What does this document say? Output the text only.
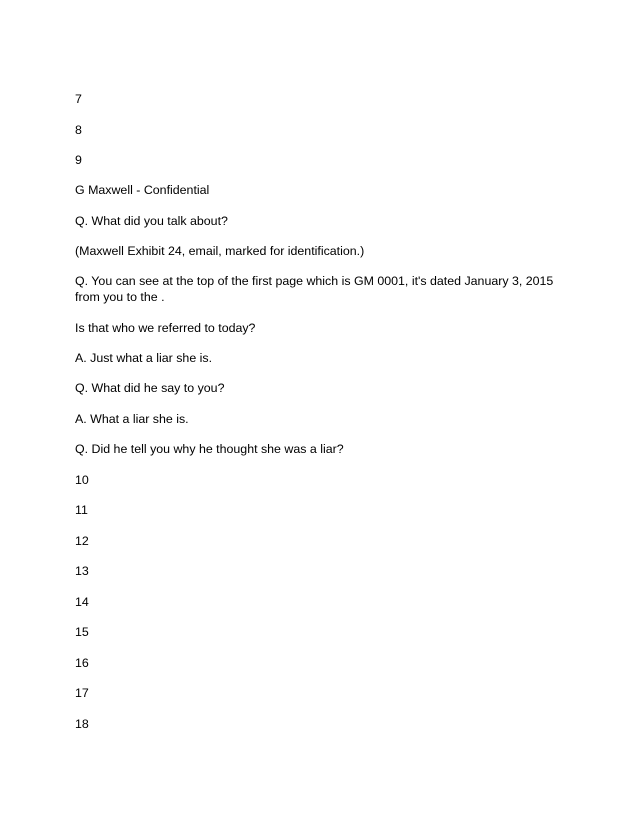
7
8
9
G Maxwell - Confidential
Q. What did you talk about?
(Maxwell Exhibit 24, email, marked for identification.)
Q. You can see at the top of the first page which is GM 0001, it's dated January 3, 2015 from you to the .
Is that who we referred to today?
A. Just what a liar she is.
Q. What did he say to you?
A. What a liar she is.
Q. Did he tell you why he thought she was a liar?
10
11
12
13
14
15
16
17
18
